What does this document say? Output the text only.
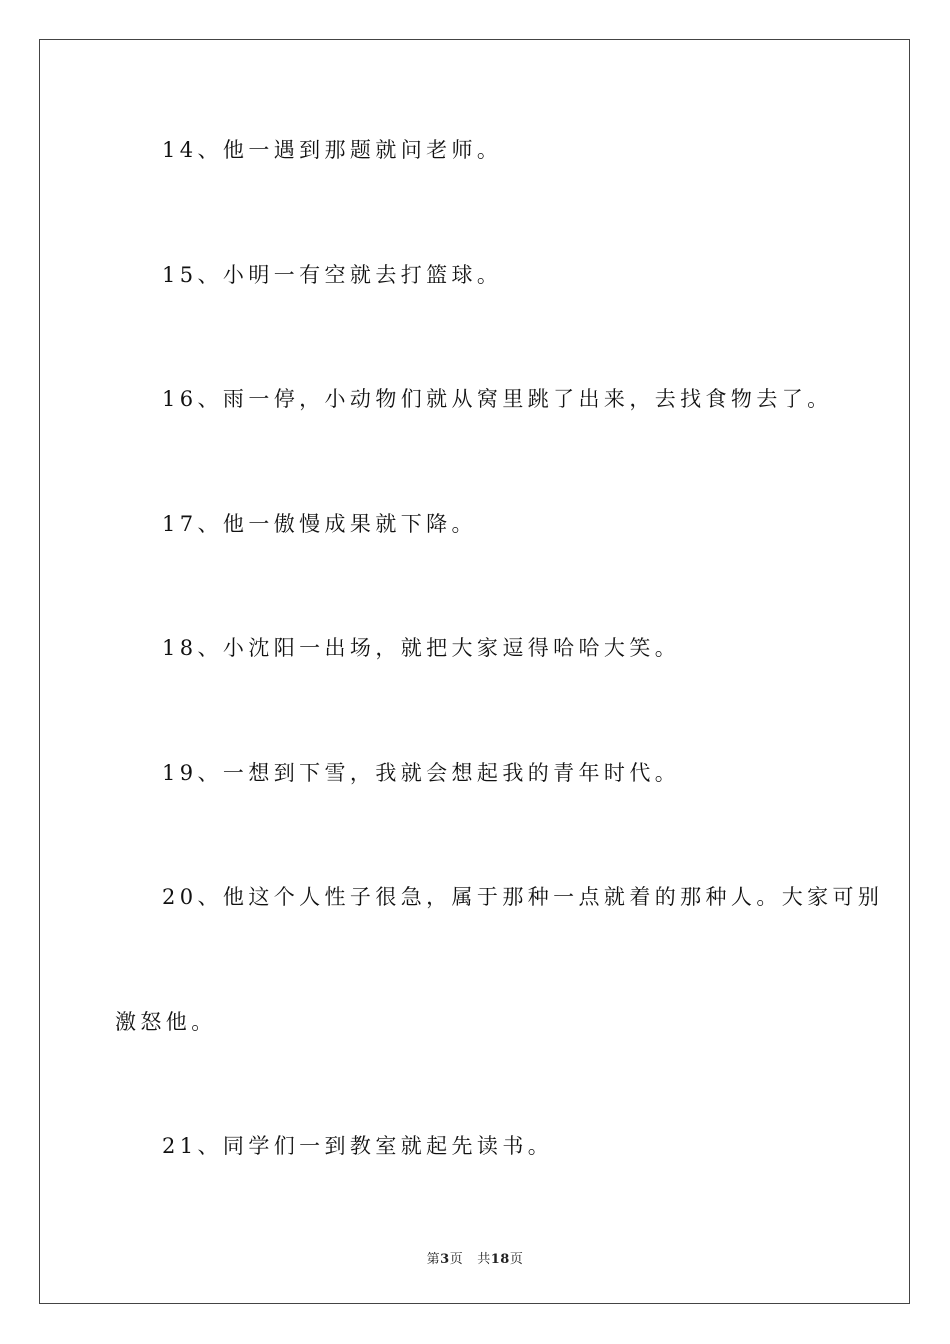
14、他一遇到那题就问老师。
15、小明一有空就去打篮球。
16、雨一停，小动物们就从窝里跳了出来，去找食物去了。
17、他一傲慢成果就下降。
18、小沈阳一出场，就把大家逗得哈哈大笑。
19、一想到下雪，我就会想起我的青年时代。
20、他这个人性子很急，属于那种一点就着的那种人。大家可别
激怒他。
21、同学们一到教室就起先读书。
第3页 共18页
